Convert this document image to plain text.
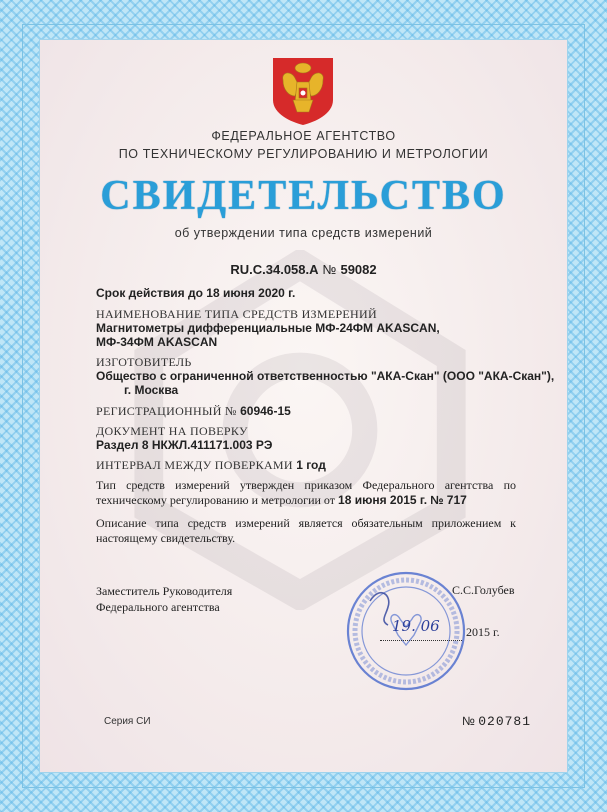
ФЕДЕРАЛЬНОЕ АГЕНТСТВО
ПО ТЕХНИЧЕСКОМУ РЕГУЛИРОВАНИЮ И МЕТРОЛОГИИ
СВИДЕТЕЛЬСТВО
об утверждении типа средств измерений
RU.C.34.058.A № 59082
Срок действия до 18 июня 2020 г.
НАИМЕНОВАНИЕ ТИПА СРЕДСТВ ИЗМЕРЕНИЙ
Магнитометры дифференциальные МФ-24ФМ AKASCAN,
МФ-34ФМ AKASCAN
ИЗГОТОВИТЕЛЬ
Общество с ограниченной ответственностью "АКА-Скан" (ООО "АКА-Скан"),
г. Москва
РЕГИСТРАЦИОННЫЙ № 60946-15
ДОКУМЕНТ НА ПОВЕРКУ
Раздел 8 НКЖЛ.411171.003 РЭ
ИНТЕРВАЛ МЕЖДУ ПОВЕРКАМИ 1 год
Тип средств измерений утвержден приказом Федерального агентства по техническому регулированию и метрологии от 18 июня 2015 г. № 717
Описание типа средств измерений является обязательным приложением к настоящему свидетельству.
Заместитель Руководителя
Федерального агентства
С.С.Голубев
19. 06 2015 г.
Серия СИ	№ 020781
